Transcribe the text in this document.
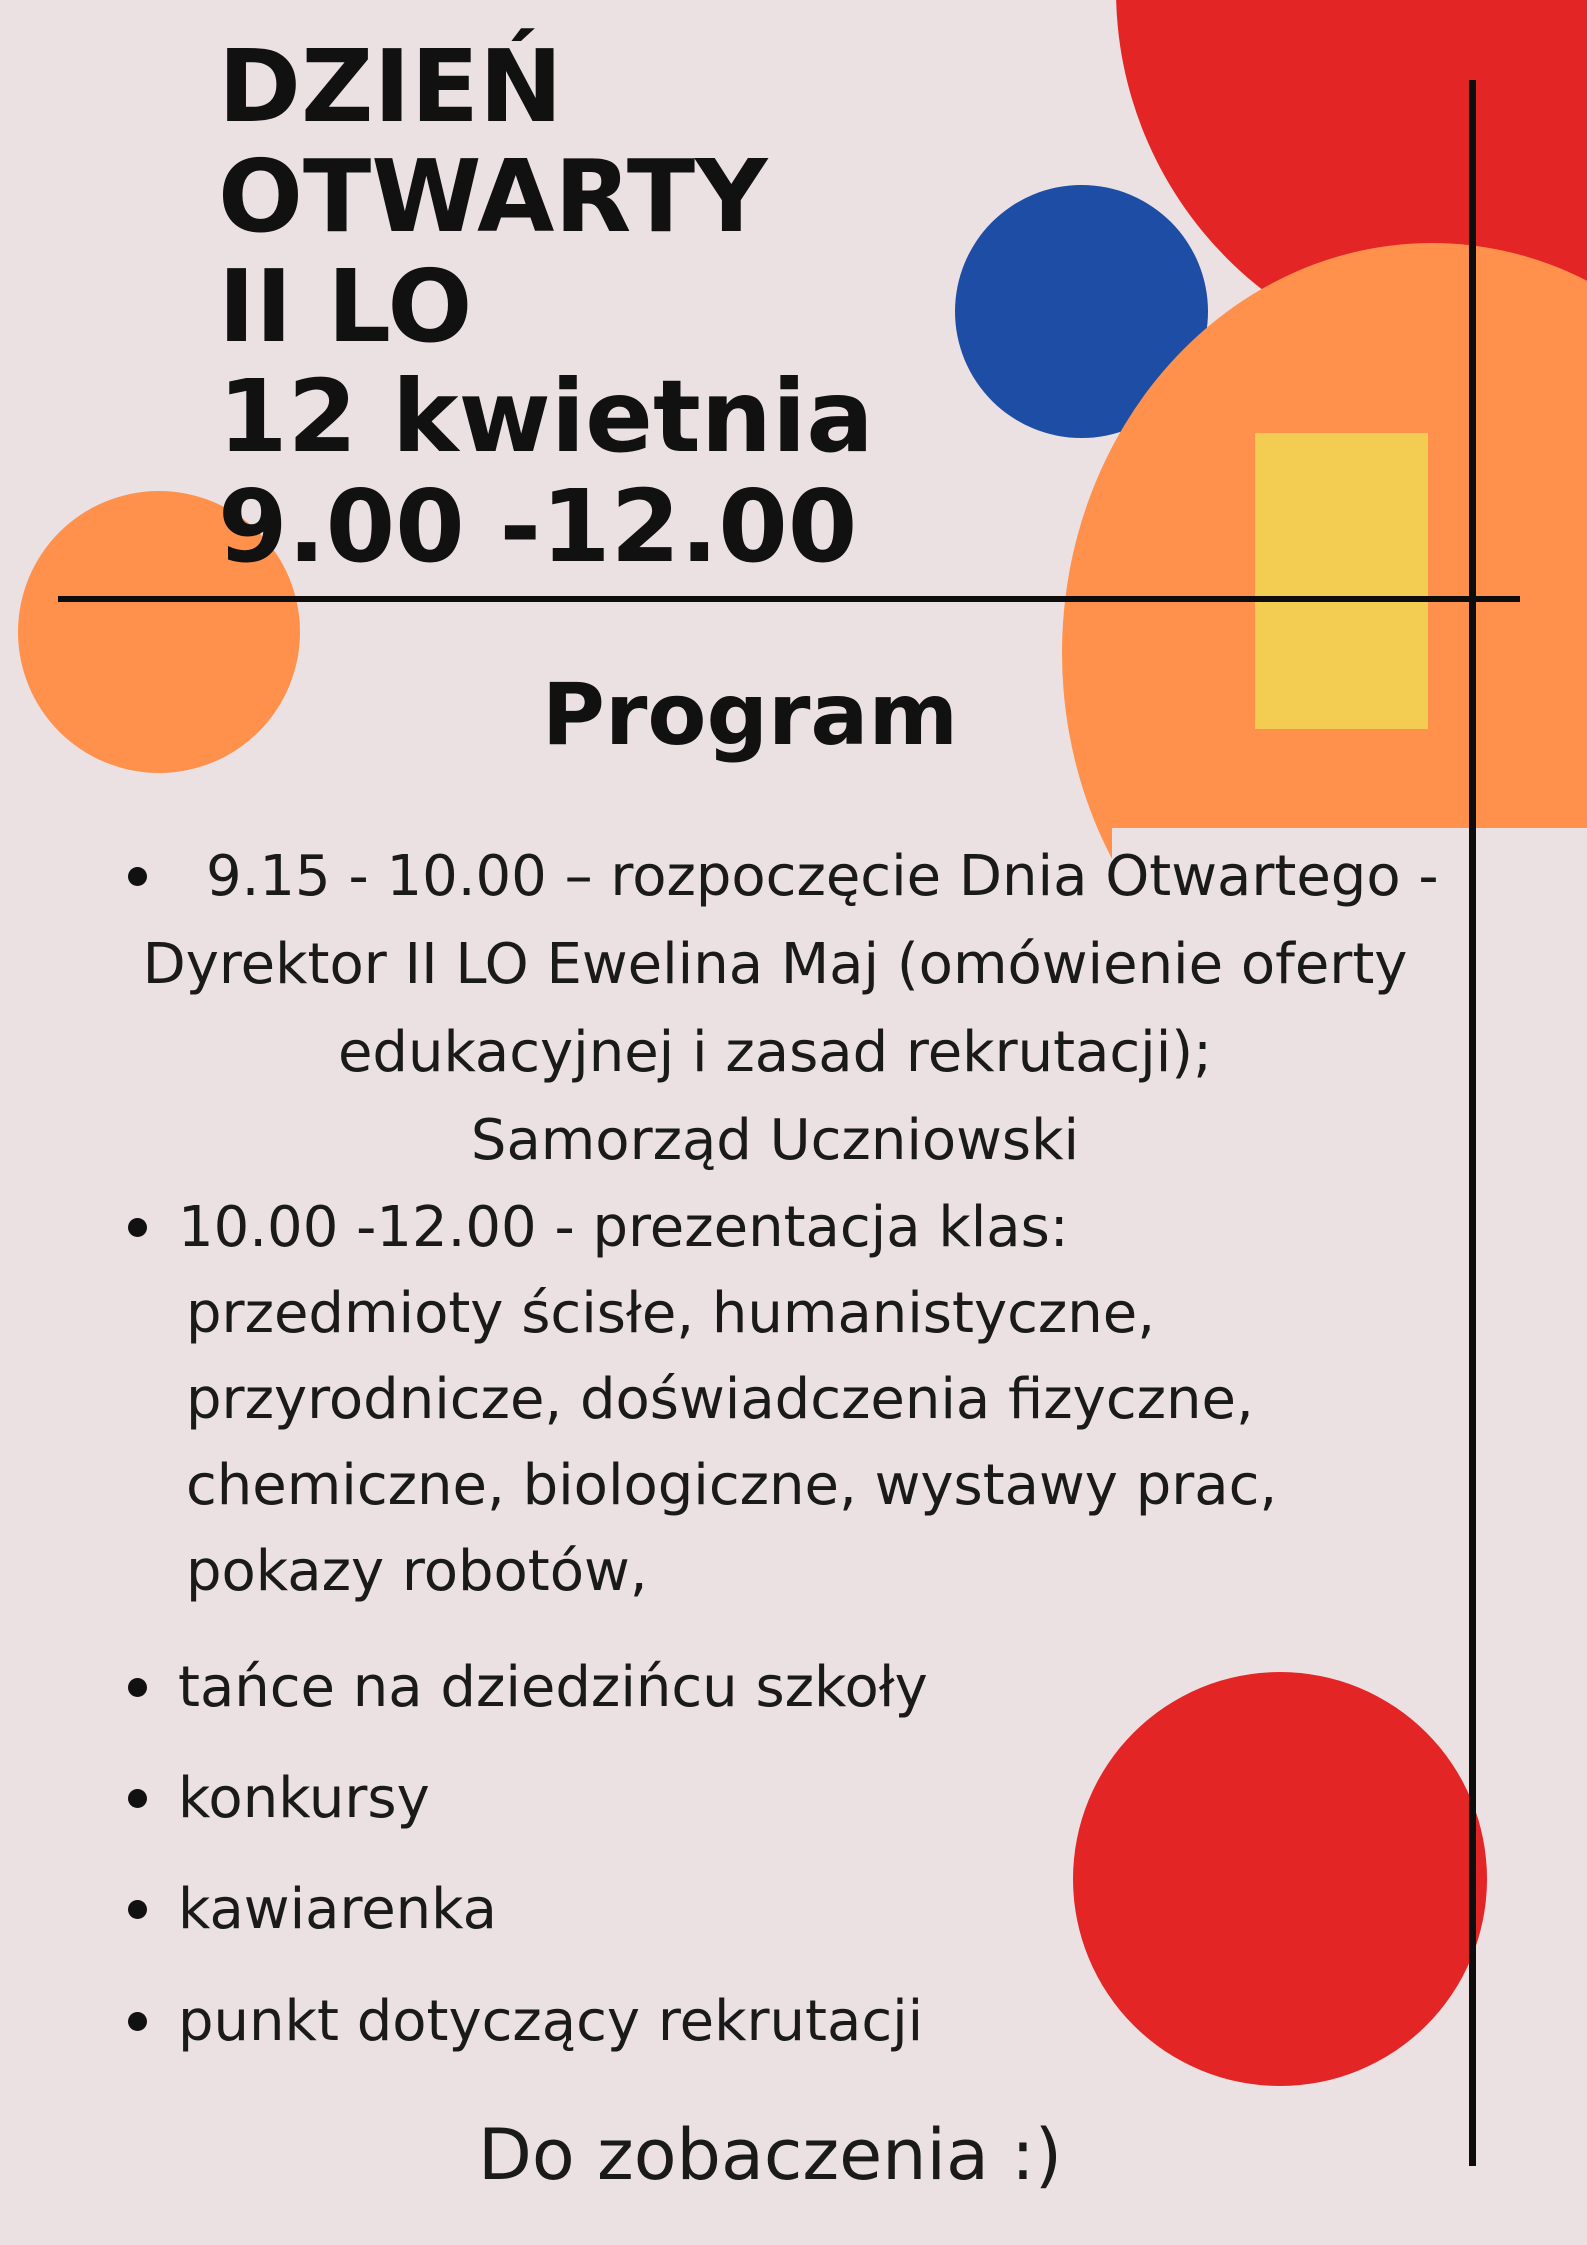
DZIEŃ
OTWARTY
II LO
12 kwietnia
9.00 -12.00
Program
9.15 - 10.00 – rozpoczęcie Dnia Otwartego -
Dyrektor II LO Ewelina Maj (omówienie oferty
edukacyjnej i zasad rekrutacji);
Samorząd Uczniowski
10.00 -12.00 - prezentacja klas:
przedmioty ścisłe, humanistyczne,
przyrodnicze, doświadczenia fizyczne,
chemiczne, biologiczne, wystawy prac,
pokazy robotów,
tańce na dziedzińcu szkoły
konkursy
kawiarenka
punkt dotyczący rekrutacji
Do zobaczenia :)
